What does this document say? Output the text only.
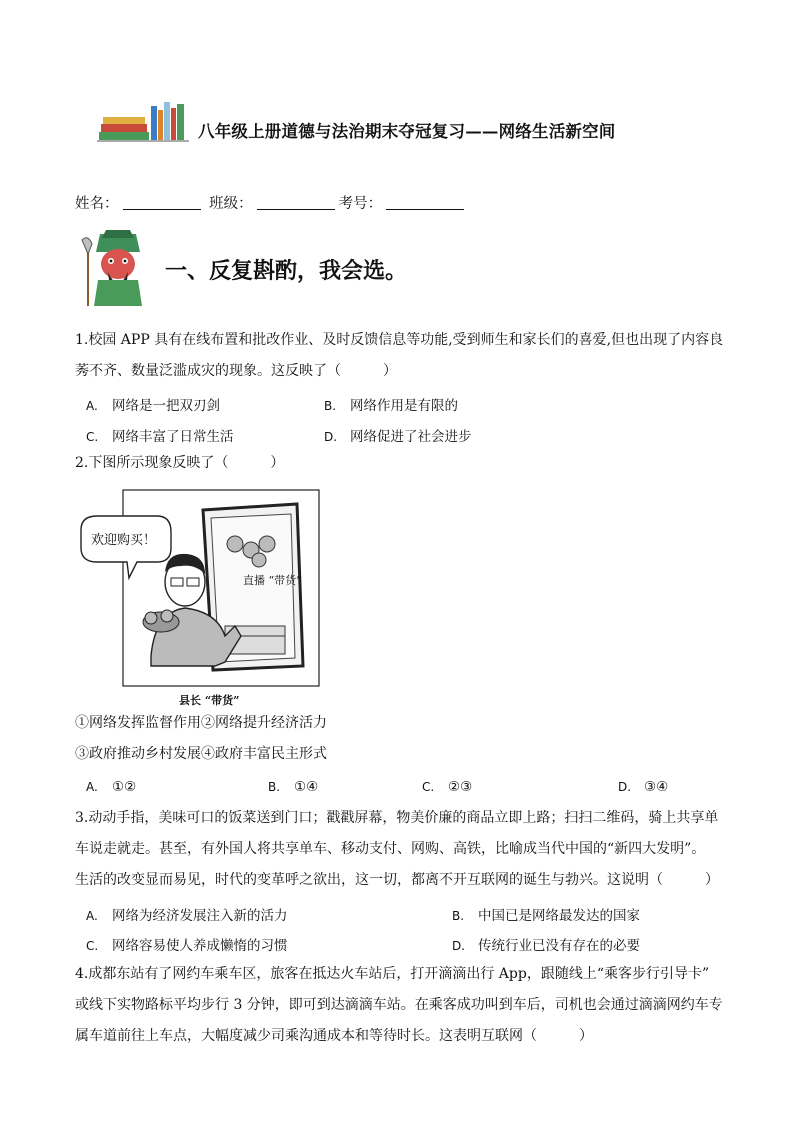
八年级上册道德与法治期末夺冠复习——网络生活新空间
姓名：	班级：	考号：
一、反复斟酌，我会选。
1.校园 APP 具有在线布置和批改作业、及时反馈信息等功能,受到师生和家长们的喜爱,但也出现了内容良
莠不齐、数量泛滥成灾的现象。这反映了（　　　）
A. 网络是一把双刃剑	B. 网络作用是有限的
C. 网络丰富了日常生活	D. 网络促进了社会进步
2.下图所示现象反映了（　　　）
直播 “带货”
欢迎购买！
县长 “带货”
①网络发挥监督作用②网络提升经济活力
③政府推动乡村发展④政府丰富民主形式
A. ①②	B. ①④	C. ②③	D. ③④
3.动动手指，美味可口的饭菜送到门口；戳戳屏幕，物美价廉的商品立即上路；扫扫二维码，骑上共享单
车说走就走。甚至，有外国人将共享单车、移动支付、网购、高铁，比喻成当代中国的“新四大发明”。
生活的改变显而易见，时代的变革呼之欲出，这一切，都离不开互联网的诞生与勃兴。这说明（　　　）
A. 网络为经济发展注入新的活力	B. 中国已是网络最发达的国家
C. 网络容易使人养成懒惰的习惯	D. 传统行业已没有存在的必要
4.成都东站有了网约车乘车区，旅客在抵达火车站后，打开滴滴出行 App，跟随线上“乘客步行引导卡”
或线下实物路标平均步行 3 分钟，即可到达滴滴车站。在乘客成功叫到车后，司机也会通过滴滴网约车专
属车道前往上车点，大幅度减少司乘沟通成本和等待时长。这表明互联网（　　　）
